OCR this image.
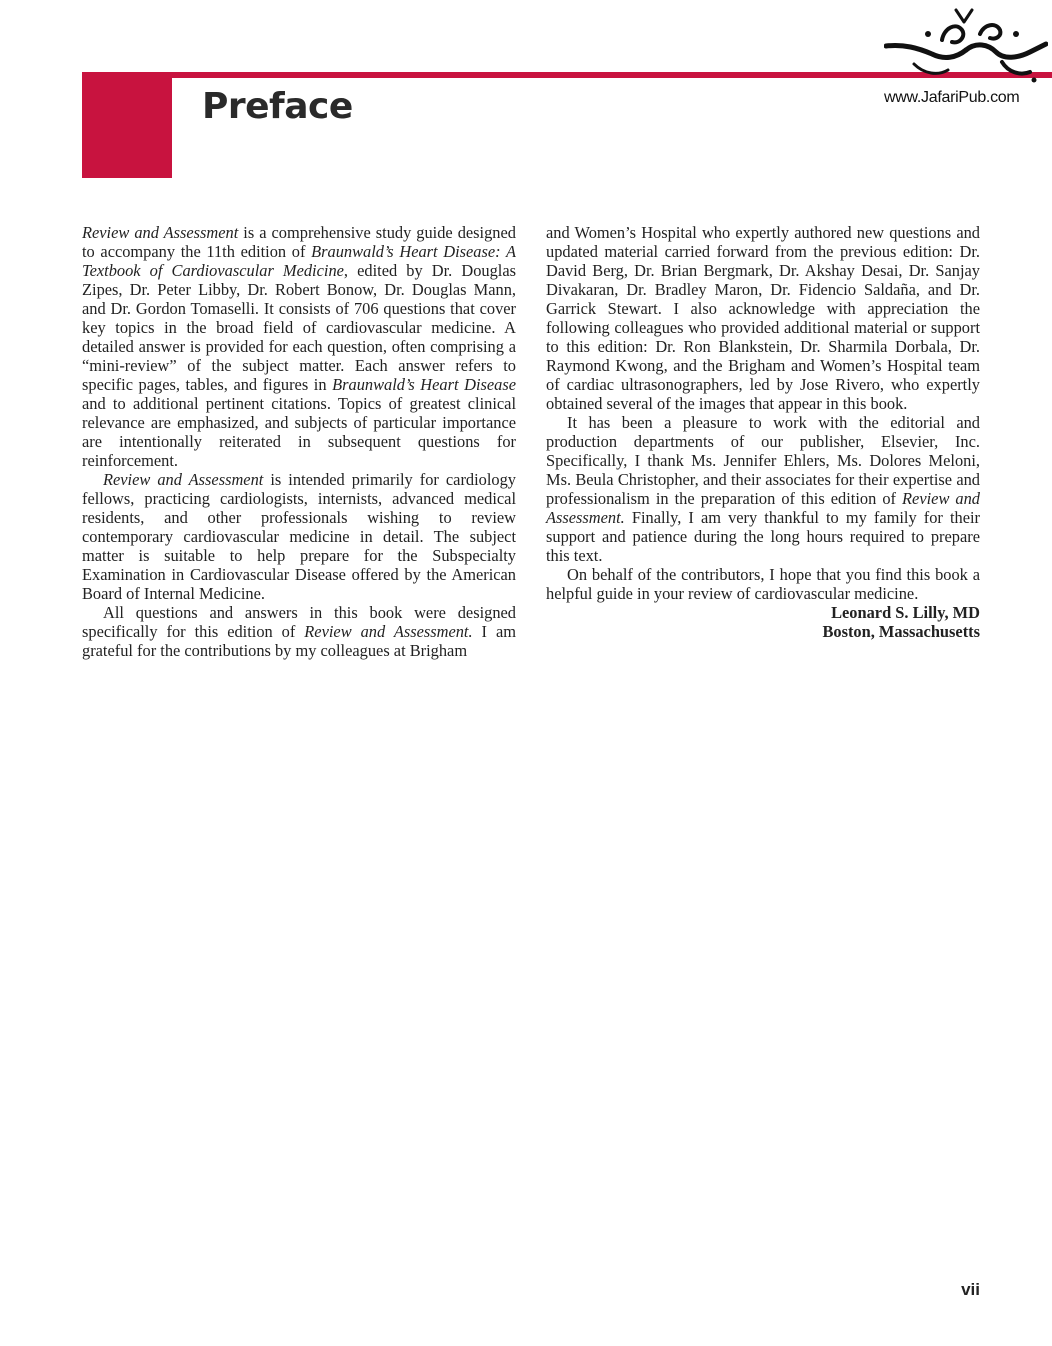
Preface	www.JafariPub.com

Review and Assessment is a comprehensive study guide designed to accompany the 11th edition of Braunwald’s Heart Disease: A Textbook of Cardiovascular Medicine, edited by Dr. Douglas Zipes, Dr. Peter Libby, Dr. Robert Bonow, Dr. Douglas Mann, and Dr. Gordon Tomaselli. It consists of 706 questions that cover key topics in the broad field of cardiovascular medicine. A detailed answer is provided for each question, often comprising a “mini-review” of the subject matter. Each answer refers to specific pages, tables, and figures in Braunwald’s Heart Disease and to additional pertinent citations. Topics of greatest clinical relevance are emphasized, and subjects of particular importance are intentionally reiterated in subsequent questions for reinforcement.

Review and Assessment is intended primarily for cardiology fellows, practicing cardiologists, internists, advanced medical residents, and other professionals wishing to review contemporary cardiovascular medicine in detail. The subject matter is suitable to help prepare for the Subspecialty Examination in Cardiovascular Disease offered by the American Board of Internal Medicine.

All questions and answers in this book were designed specifically for this edition of Review and Assessment. I am grateful for the contributions by my colleagues at Brigham

and Women’s Hospital who expertly authored new questions and updated material carried forward from the previous edition: Dr. David Berg, Dr. Brian Bergmark, Dr. Akshay Desai, Dr. Sanjay Divakaran, Dr. Bradley Maron, Dr. Fidencio Saldaña, and Dr. Garrick Stewart. I also acknowledge with appreciation the following colleagues who provided additional material or support to this edition: Dr. Ron Blankstein, Dr. Sharmila Dorbala, Dr. Raymond Kwong, and the Brigham and Women’s Hospital team of cardiac ultrasonographers, led by Jose Rivero, who expertly obtained several of the images that appear in this book.

It has been a pleasure to work with the editorial and production departments of our publisher, Elsevier, Inc. Specifically, I thank Ms. Jennifer Ehlers, Ms. Dolores Meloni, Ms. Beula Christopher, and their associates for their expertise and professionalism in the preparation of this edition of Review and Assessment. Finally, I am very thankful to my family for their support and patience during the long hours required to prepare this text.

On behalf of the contributors, I hope that you find this book a helpful guide in your review of cardiovascular medicine.

Leonard S. Lilly, MD

Boston, Massachusetts

vii
